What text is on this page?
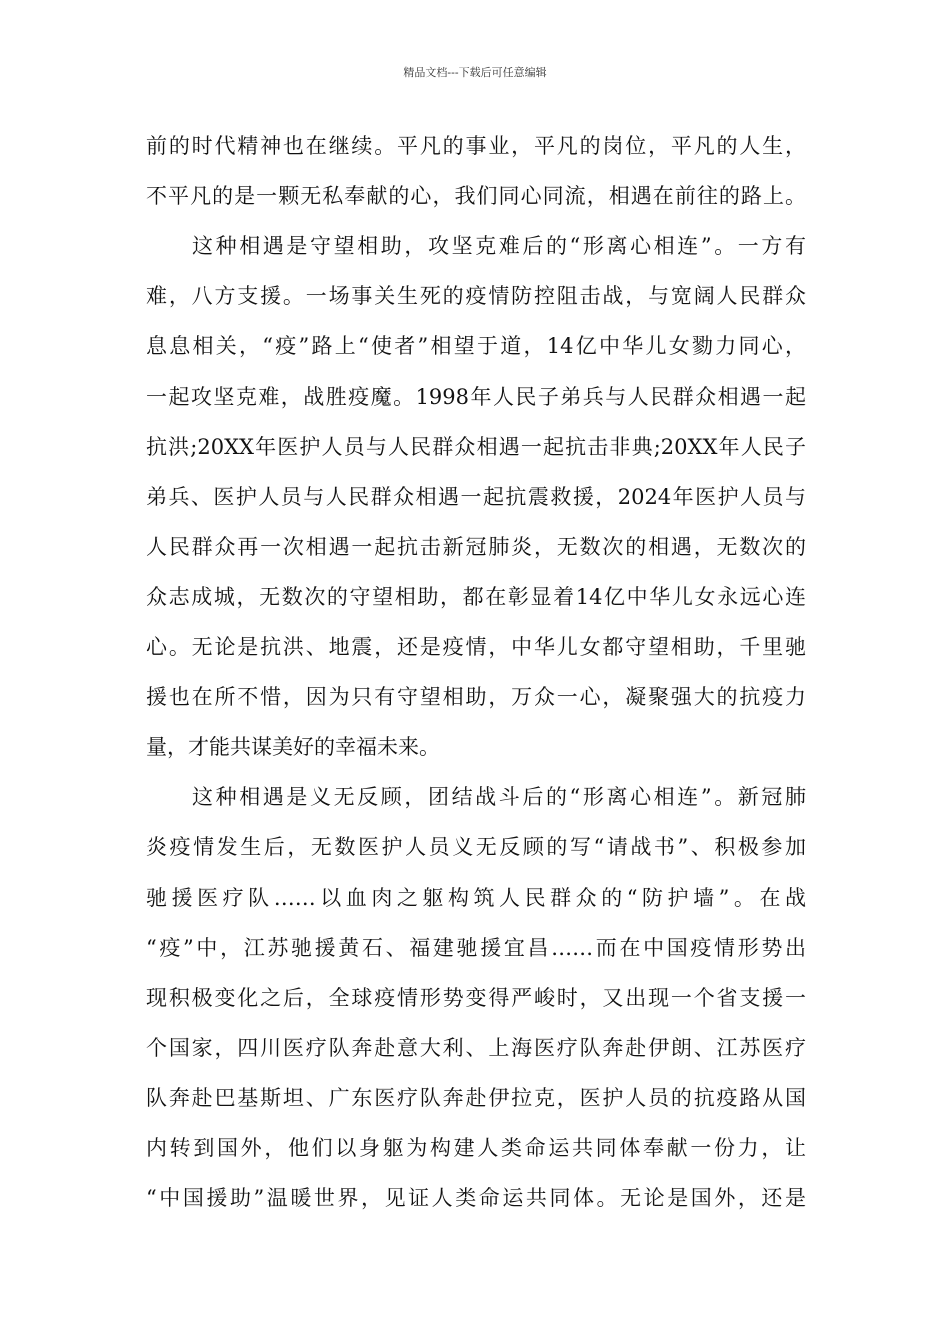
精品文档---下载后可任意编辑
前的时代精神也在继续。平凡的事业，平凡的岗位，平凡的人生，
不平凡的是一颗无私奉献的心，我们同心同流，相遇在前往的路上。
这种相遇是守望相助，攻坚克难后的“形离心相连”。一方有
难，八方支援。一场事关生死的疫情防控阻击战，与宽阔人民群众
息息相关，“疫”路上“使者”相望于道，14亿中华儿女勠力同心，
一起攻坚克难，战胜疫魔。1998年人民子弟兵与人民群众相遇一起
抗洪;20XX年医护人员与人民群众相遇一起抗击非典;20XX年人民子
弟兵、医护人员与人民群众相遇一起抗震救援，2024年医护人员与
人民群众再一次相遇一起抗击新冠肺炎，无数次的相遇，无数次的
众志成城，无数次的守望相助，都在彰显着14亿中华儿女永远心连
心。无论是抗洪、地震，还是疫情，中华儿女都守望相助，千里驰
援也在所不惜，因为只有守望相助，万众一心，凝聚强大的抗疫力
量，才能共谋美好的幸福未来。
这种相遇是义无反顾，团结战斗后的“形离心相连”。新冠肺
炎疫情发生后，无数医护人员义无反顾的写“请战书”、积极参加
驰援医疗队……以血肉之躯构筑人民群众的“防护墙”。在战
“疫”中，江苏驰援黄石、福建驰援宜昌……而在中国疫情形势出
现积极变化之后，全球疫情形势变得严峻时，又出现一个省支援一
个国家，四川医疗队奔赴意大利、上海医疗队奔赴伊朗、江苏医疗
队奔赴巴基斯坦、广东医疗队奔赴伊拉克，医护人员的抗疫路从国
内转到国外，他们以身躯为构建人类命运共同体奉献一份力，让
“中国援助”温暖世界，见证人类命运共同体。无论是国外，还是
